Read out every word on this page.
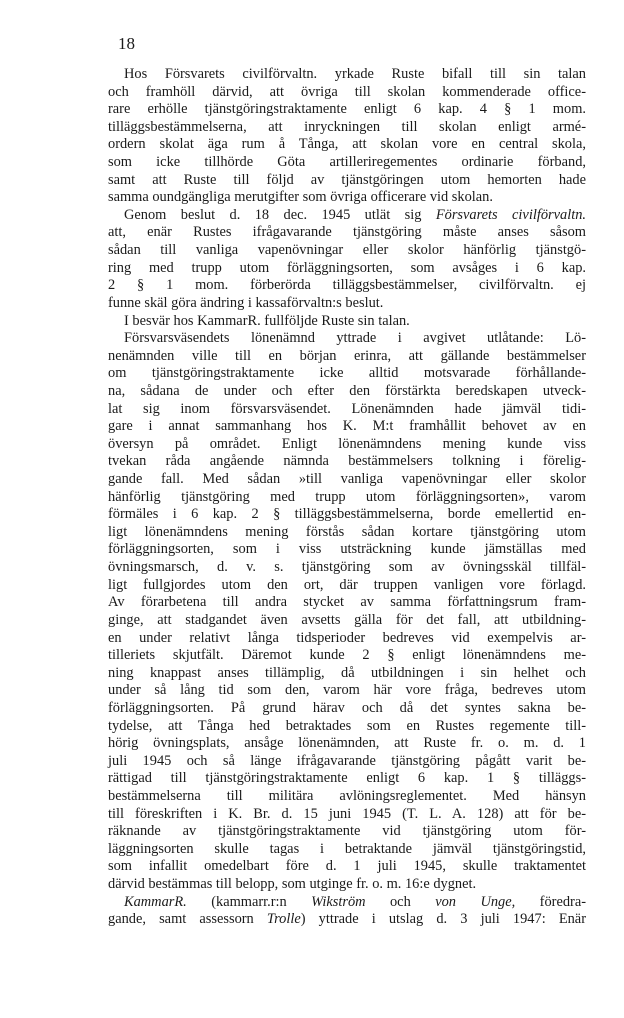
18
Hos Försvarets civilförvaltn. yrkade Ruste bifall till sin talan
och framhöll därvid, att övriga till skolan kommenderade office-
rare erhölle tjänstgöringstraktamente enligt 6 kap. 4 § 1 mom.
tilläggsbestämmelserna, att inryckningen till skolan enligt armé-
ordern skolat äga rum å Tånga, att skolan vore en central skola,
som icke tillhörde Göta artilleriregementes ordinarie förband,
samt att Ruste till följd av tjänstgöringen utom hemorten hade
samma oundgängliga merutgifter som övriga officerare vid skolan.
Genom beslut d. 18 dec. 1945 utlät sig Försvarets civilförvaltn.
att, enär Rustes ifrågavarande tjänstgöring måste anses såsom
sådan till vanliga vapenövningar eller skolor hänförlig tjänstgö-
ring med trupp utom förläggningsorten, som avsåges i 6 kap.
2 § 1 mom. förberörda tilläggsbestämmelser, civilförvaltn. ej
funne skäl göra ändring i kassaförvaltn:s beslut.
I besvär hos KammarR. fullföljde Ruste sin talan.
Försvarsväsendets lönenämnd yttrade i avgivet utlåtande: Lö-
nenämnden ville till en början erinra, att gällande bestämmelser
om tjänstgöringstraktamente icke alltid motsvarade förhållande-
na, sådana de under och efter den förstärkta beredskapen utveck-
lat sig inom försvarsväsendet. Lönenämnden hade jämväl tidi-
gare i annat sammanhang hos K. M:t framhållit behovet av en
översyn på området. Enligt lönenämndens mening kunde viss
tvekan råda angående nämnda bestämmelsers tolkning i förelig-
gande fall. Med sådan »till vanliga vapenövningar eller skolor
hänförlig tjänstgöring med trupp utom förläggningsorten», varom
förmäles i 6 kap. 2 § tilläggsbestämmelserna, borde emellertid en-
ligt lönenämndens mening förstås sådan kortare tjänstgöring utom
förläggningsorten, som i viss utsträckning kunde jämställas med
övningsmarsch, d. v. s. tjänstgöring som av övningsskäl tillfäl-
ligt fullgjordes utom den ort, där truppen vanligen vore förlagd.
Av förarbetena till andra stycket av samma författningsrum fram-
ginge, att stadgandet även avsetts gälla för det fall, att utbildning-
en under relativt långa tidsperioder bedreves vid exempelvis ar-
tilleriets skjutfält. Däremot kunde 2 § enligt lönenämndens me-
ning knappast anses tillämplig, då utbildningen i sin helhet och
under så lång tid som den, varom här vore fråga, bedreves utom
förläggningsorten. På grund härav och då det syntes sakna be-
tydelse, att Tånga hed betraktades som en Rustes regemente till-
hörig övningsplats, ansåge lönenämnden, att Ruste fr. o. m. d. 1
juli 1945 och så länge ifrågavarande tjänstgöring pågått varit be-
rättigad till tjänstgöringstraktamente enligt 6 kap. 1 § tilläggs-
bestämmelserna till militära avlöningsreglementet. Med hänsyn
till föreskriften i K. Br. d. 15 juni 1945 (T. L. A. 128) att för be-
räknande av tjänstgöringstraktamente vid tjänstgöring utom för-
läggningsorten skulle tagas i betraktande jämväl tjänstgöringstid,
som infallit omedelbart före d. 1 juli 1945, skulle traktamentet
därvid bestämmas till belopp, som utginge fr. o. m. 16:e dygnet.
KammarR. (kammarr.r:n Wikström och von Unge, föredra-
gande, samt assessorn Trolle) yttrade i utslag d. 3 juli 1947: Enär
